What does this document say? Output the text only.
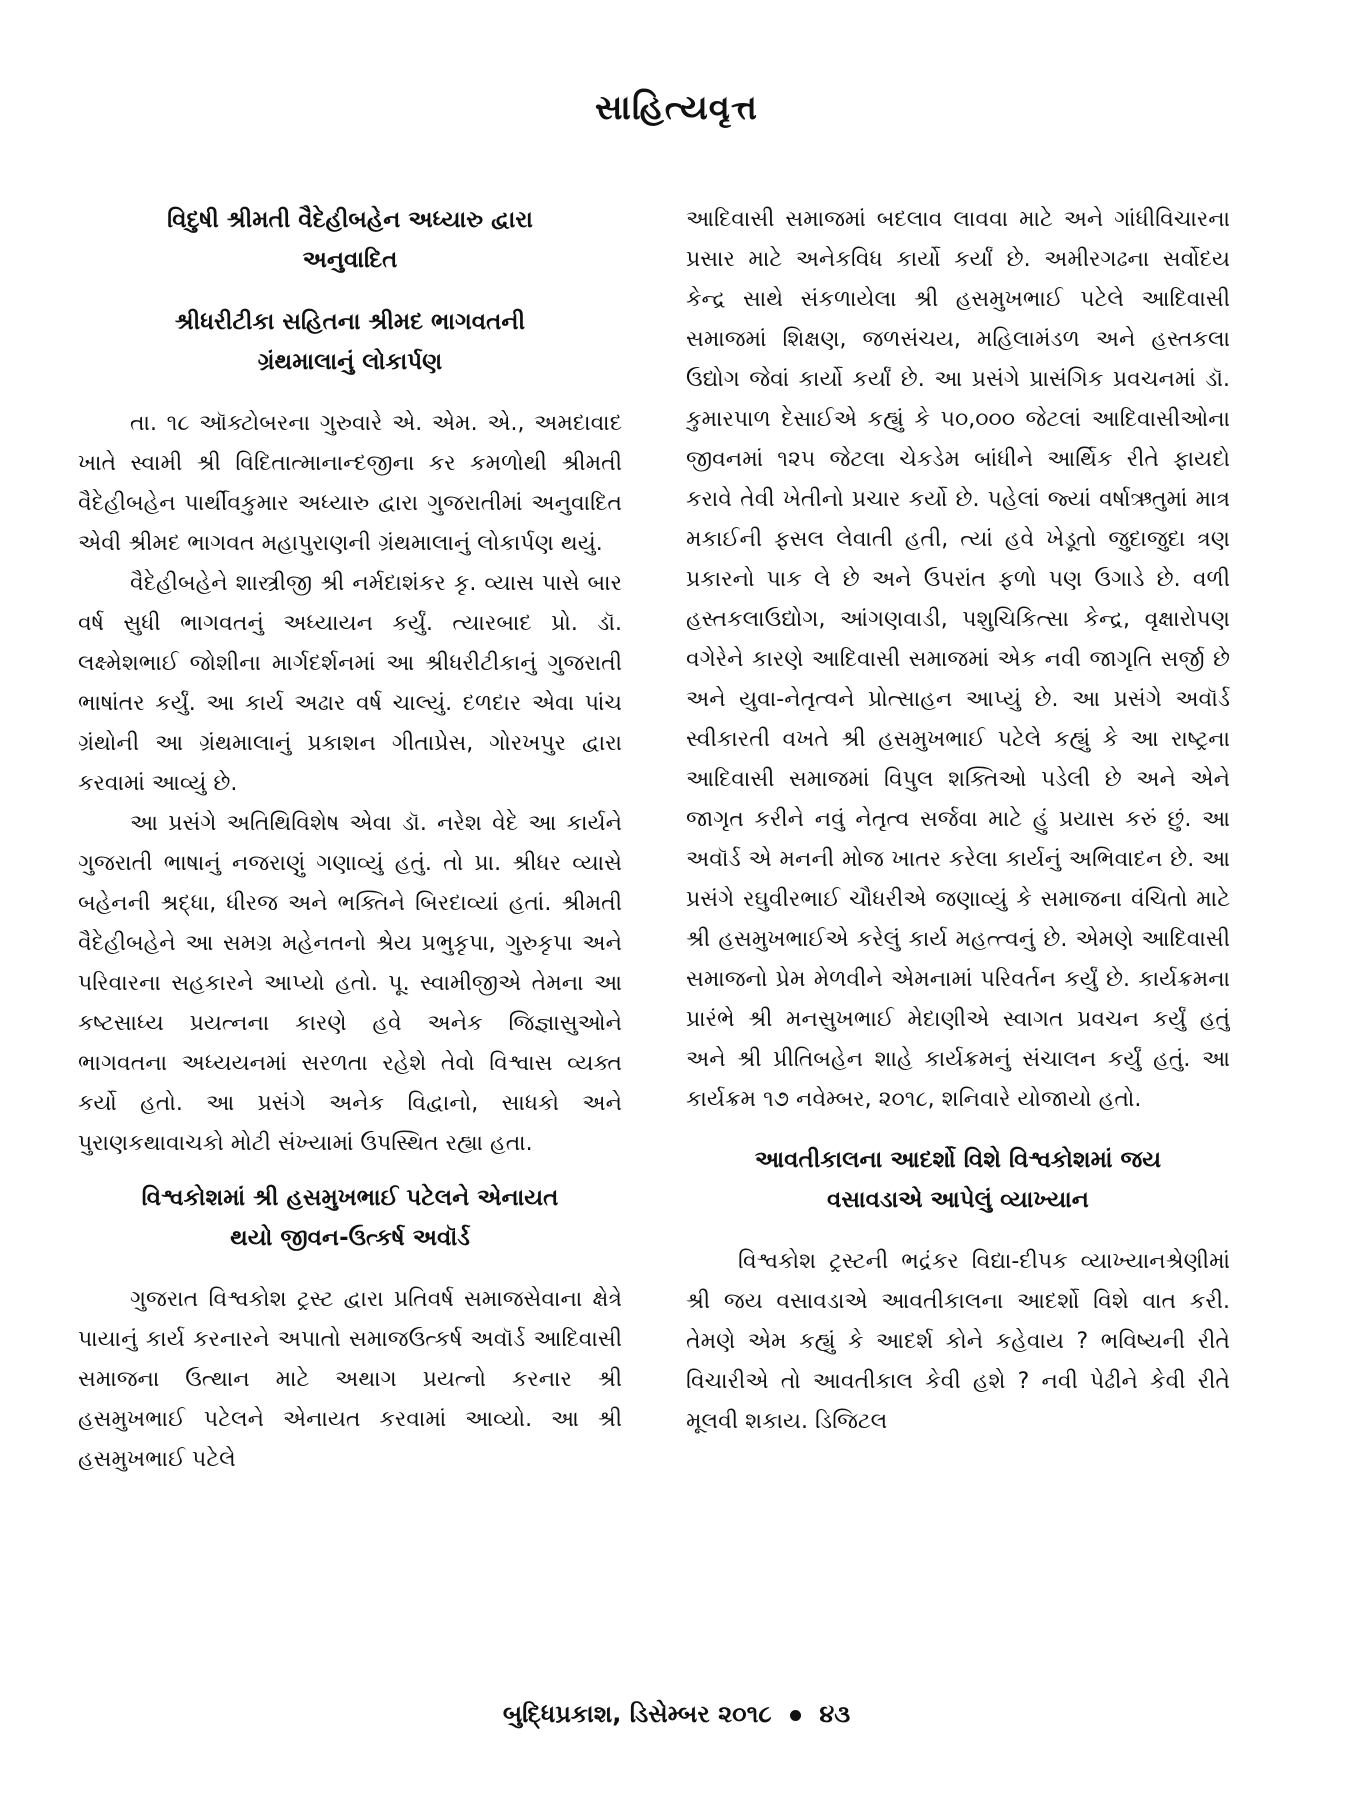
સાહિત્યવૃત્ત
વિદુષી શ્રીમતી વૈદેહીબહેન અધ્યારુ દ્વારા
અનુવાદિત
શ્રીધરીટીકા સહિતના શ્રીમદ ભાગવતની
ગ્રંથમાલાનું લોકાર્પણ

તા. ૧૮ ઑક્ટોબરના ગુરુવારે એ. એમ. એ., અમદાવાદ ખાતે સ્વામી શ્રી વિદિતાત્માનાન્દજીના કર કમળોથી શ્રીમતી વૈદેહીબહેન પાર્થીવકુમાર અધ્યારુ દ્વારા ગુજરાતીમાં અનુવાદિત એવી શ્રીમદ ભાગવત મહાપુરાણની ગ્રંથમાલાનું લોકાર્પણ થયું.

વૈદેહીબહેને શાસ્ત્રીજી શ્રી નર્મદાશંકર કૃ. વ્યાસ પાસે બાર વર્ષ સુધી ભાગવતનું અધ્યાયન કર્યું. ત્યારબાદ પ્રો. ડૉ. લક્ષ્મેશભાઈ જોશીના માર્ગદર્શનમાં આ શ્રીધરીટીકાનું ગુજરાતી ભાષાંતર કર્યું. આ કાર્ય અઢાર વર્ષ ચાલ્યું. દળદાર એવા પાંચ ગ્રંથોની આ ગ્રંથમાલાનું પ્રકાશન ગીતાપ્રેસ, ગોરખપુર દ્વારા કરવામાં આવ્યું છે.

આ પ્રસંગે અતિથિવિશેષ એવા ડૉ. નરેશ વેદે આ કાર્યને ગુજરાતી ભાષાનું નજરાણું ગણાવ્યું હતું. તો પ્રા. શ્રીધર વ્યાસે બહેનની શ્રદ્ધા, ધીરજ અને ભક્તિને બિરદાવ્યાં હતાં. શ્રીમતી વૈદેહીબહેને આ સમગ્ર મહેનતનો શ્રેય પ્રભુકૃપા, ગુરુકૃપા અને પરિવારના સહકારને આપ્યો હતો. પૂ. સ્વામીજીએ તેમના આ કષ્ટસાધ્ય પ્રયત્નના કારણે હવે અનેક જિજ્ઞાસુઓને ભાગવતના અધ્યયનમાં સરળતા રહેશે તેવો વિશ્વાસ વ્યક્ત કર્યો હતો. આ પ્રસંગે અનેક વિદ્વાનો, સાધકો અને પુરાણકથાવાચકો મોટી સંખ્યામાં ઉપસ્થિત રહ્યા હતા.

વિશ્વકોશમાં શ્રી હસમુખભાઈ પટેલને એનાયત
થયો જીવન-ઉત્કર્ષ અવૉર્ડ

ગુજરાત વિશ્વકોશ ટ્રસ્ટ દ્વારા પ્રતિવર્ષ સમાજસેવાના ક્ષેત્રે પાયાનું કાર્ય કરનારને અપાતો સમાજઉત્કર્ષ અવૉર્ડ આદિવાસી સમાજના ઉત્થાન માટે અથાગ પ્રયત્નો કરનાર શ્રી હસમુખભાઈ પટેલને એનાયત કરવામાં આવ્યો. આ શ્રી હસમુખભાઈ પટેલે

આદિવાસી સમાજમાં બદલાવ લાવવા માટે અને ગાંધીવિચારના પ્રસાર માટે અનેકવિધ કાર્યો કર્યાં છે. અમીરગઢના સર્વોદય કેન્દ્ર સાથે સંકળાયેલા શ્રી હસમુખભાઈ પટેલે આદિવાસી સમાજમાં શિક્ષણ, જળસંચય, મહિલામંડળ અને હસ્તકલા ઉદ્યોગ જેવાં કાર્યો કર્યાં છે. આ પ્રસંગે પ્રાસંગિક પ્રવચનમાં ડૉ. કુમારપાળ દેસાઈએ કહ્યું કે ૫૦,૦૦૦ જેટલાં આદિવાસીઓના જીવનમાં ૧૨૫ જેટલા ચેકડેમ બાંધીને આર્થિક રીતે ફાયદો કરાવે તેવી ખેતીનો પ્રચાર કર્યો છે. પહેલાં જ્યાં વર્ષાઋતુમાં માત્ર મકાઈની ફસલ લેવાતી હતી, ત્યાં હવે ખેડૂતો જુદાજુદા ત્રણ પ્રકારનો પાક લે છે અને ઉપરાંત ફળો પણ ઉગાડે છે. વળી હસ્તકલાઉદ્યોગ, આંગણવાડી, પશુચિકિત્સા કેન્દ્ર, વૃક્ષારોપણ વગેરેને કારણે આદિવાસી સમાજમાં એક નવી જાગૃતિ સર્જી છે અને યુવા-નેતૃત્વને પ્રોત્સાહન આપ્યું છે. આ પ્રસંગે અવૉર્ડ સ્વીકારતી વખતે શ્રી હસમુખભાઈ પટેલે કહ્યું કે આ રાષ્ટ્રના આદિવાસી સમાજમાં વિપુલ શક્તિઓ પડેલી છે અને એને જાગૃત કરીને નવું નેતૃત્વ સર્જવા માટે હું પ્રયાસ કરું છું. આ અવૉર્ડ એ મનની મોજ ખાતર કરેલા કાર્યનું અભિવાદન છે. આ પ્રસંગે રઘુવીરભાઈ ચૌધરીએ જણાવ્યું કે સમાજના વંચિતો માટે શ્રી હસમુખભાઈએ કરેલું કાર્ય મહત્ત્વનું છે. એમણે આદિવાસી સમાજનો પ્રેમ મેળવીને એમનામાં પરિવર્તન કર્યું છે. કાર્યક્રમના પ્રારંભે શ્રી મનસુખભાઈ મેદાણીએ સ્વાગત પ્રવચન કર્યું હતું અને શ્રી પ્રીતિબહેન શાહે કાર્યક્રમનું સંચાલન કર્યું હતું. આ કાર્યક્રમ ૧૭ નવેમ્બર, ૨૦૧૮, શનિવારે યોજાયો હતો.

આવતીકાલના આદર્શો વિશે વિશ્વકોશમાં જય
વસાવડાએ આપેલું વ્યાખ્યાન

વિશ્વકોશ ટ્રસ્ટની ભદ્રંકર વિદ્યા-દીપક વ્યાખ્યાનશ્રેણીમાં શ્રી જય વસાવડાએ આવતીકાલના આદર્શો વિશે વાત કરી. તેમણે એમ કહ્યું કે આદર્શ કોને કહેવાય ? ભવિષ્યની રીતે વિચારીએ તો આવતીકાલ કેવી હશે ? નવી પેઢીને કેવી રીતે મૂલવી શકાય. ડિજિટલ

બુદ્ધિપ્રકાશ, ડિસેમ્બર ૨૦૧૮ ૪૩
